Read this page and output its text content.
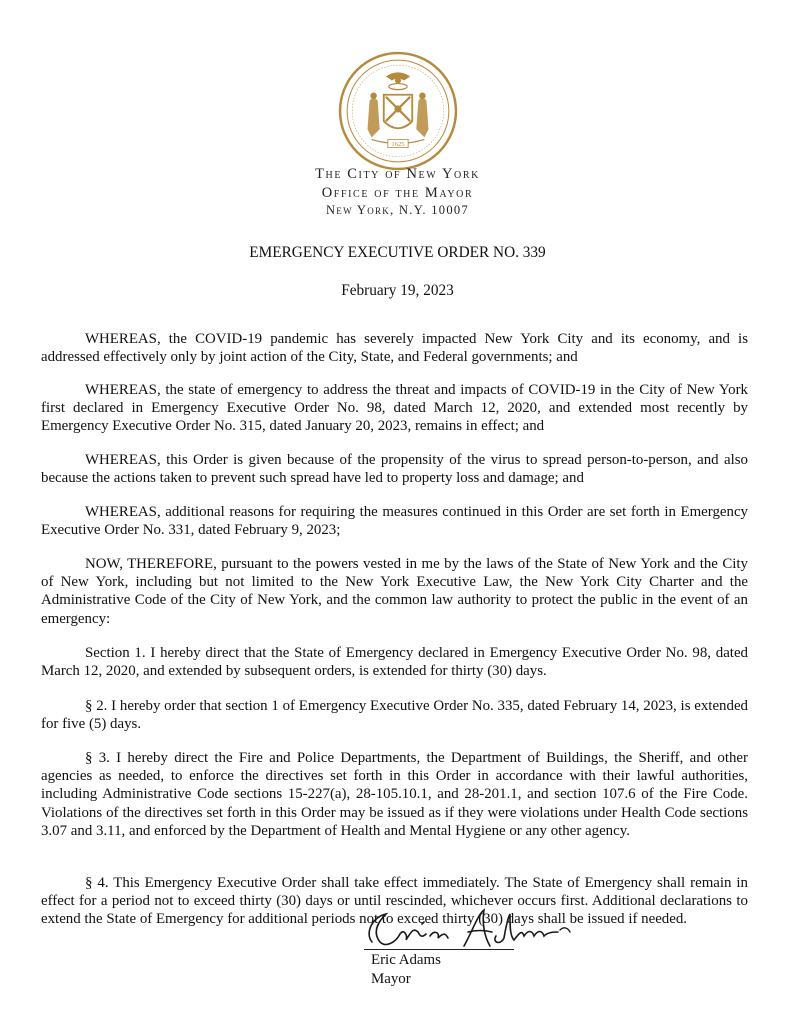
1625
The City of New York
Office of the Mayor
New York, N.Y. 10007
EMERGENCY EXECUTIVE ORDER NO. 339
February 19, 2023

WHEREAS, the COVID-19 pandemic has severely impacted New York City and its economy, and is addressed effectively only by joint action of the City, State, and Federal governments; and

WHEREAS, the state of emergency to address the threat and impacts of COVID-19 in the City of New York first declared in Emergency Executive Order No. 98, dated March 12, 2020, and extended most recently by Emergency Executive Order No. 315, dated January 20, 2023, remains in effect; and

WHEREAS, this Order is given because of the propensity of the virus to spread person-to-person, and also because the actions taken to prevent such spread have led to property loss and damage; and

WHEREAS, additional reasons for requiring the measures continued in this Order are set forth in Emergency Executive Order No. 331, dated February 9, 2023;

NOW, THEREFORE, pursuant to the powers vested in me by the laws of the State of New York and the City of New York, including but not limited to the New York Executive Law, the New York City Charter and the Administrative Code of the City of New York, and the common law authority to protect the public in the event of an emergency:

Section 1. I hereby direct that the State of Emergency declared in Emergency Executive Order No. 98, dated March 12, 2020, and extended by subsequent orders, is extended for thirty (30) days.

§ 2. I hereby order that section 1 of Emergency Executive Order No. 335, dated February 14, 2023, is extended for five (5) days.

§ 3. I hereby direct the Fire and Police Departments, the Department of Buildings, the Sheriff, and other agencies as needed, to enforce the directives set forth in this Order in accordance with their lawful authorities, including Administrative Code sections 15-227(a), 28-105.10.1, and 28-201.1, and section 107.6 of the Fire Code. Violations of the directives set forth in this Order may be issued as if they were violations under Health Code sections 3.07 and 3.11, and enforced by the Department of Health and Mental Hygiene or any other agency.

§ 4. This Emergency Executive Order shall take effect immediately. The State of Emergency shall remain in effect for a period not to exceed thirty (30) days or until rescinded, whichever occurs first. Additional declarations to extend the State of Emergency for additional periods not to exceed thirty (30) days shall be issued if needed.

Eric Adams
Mayor
